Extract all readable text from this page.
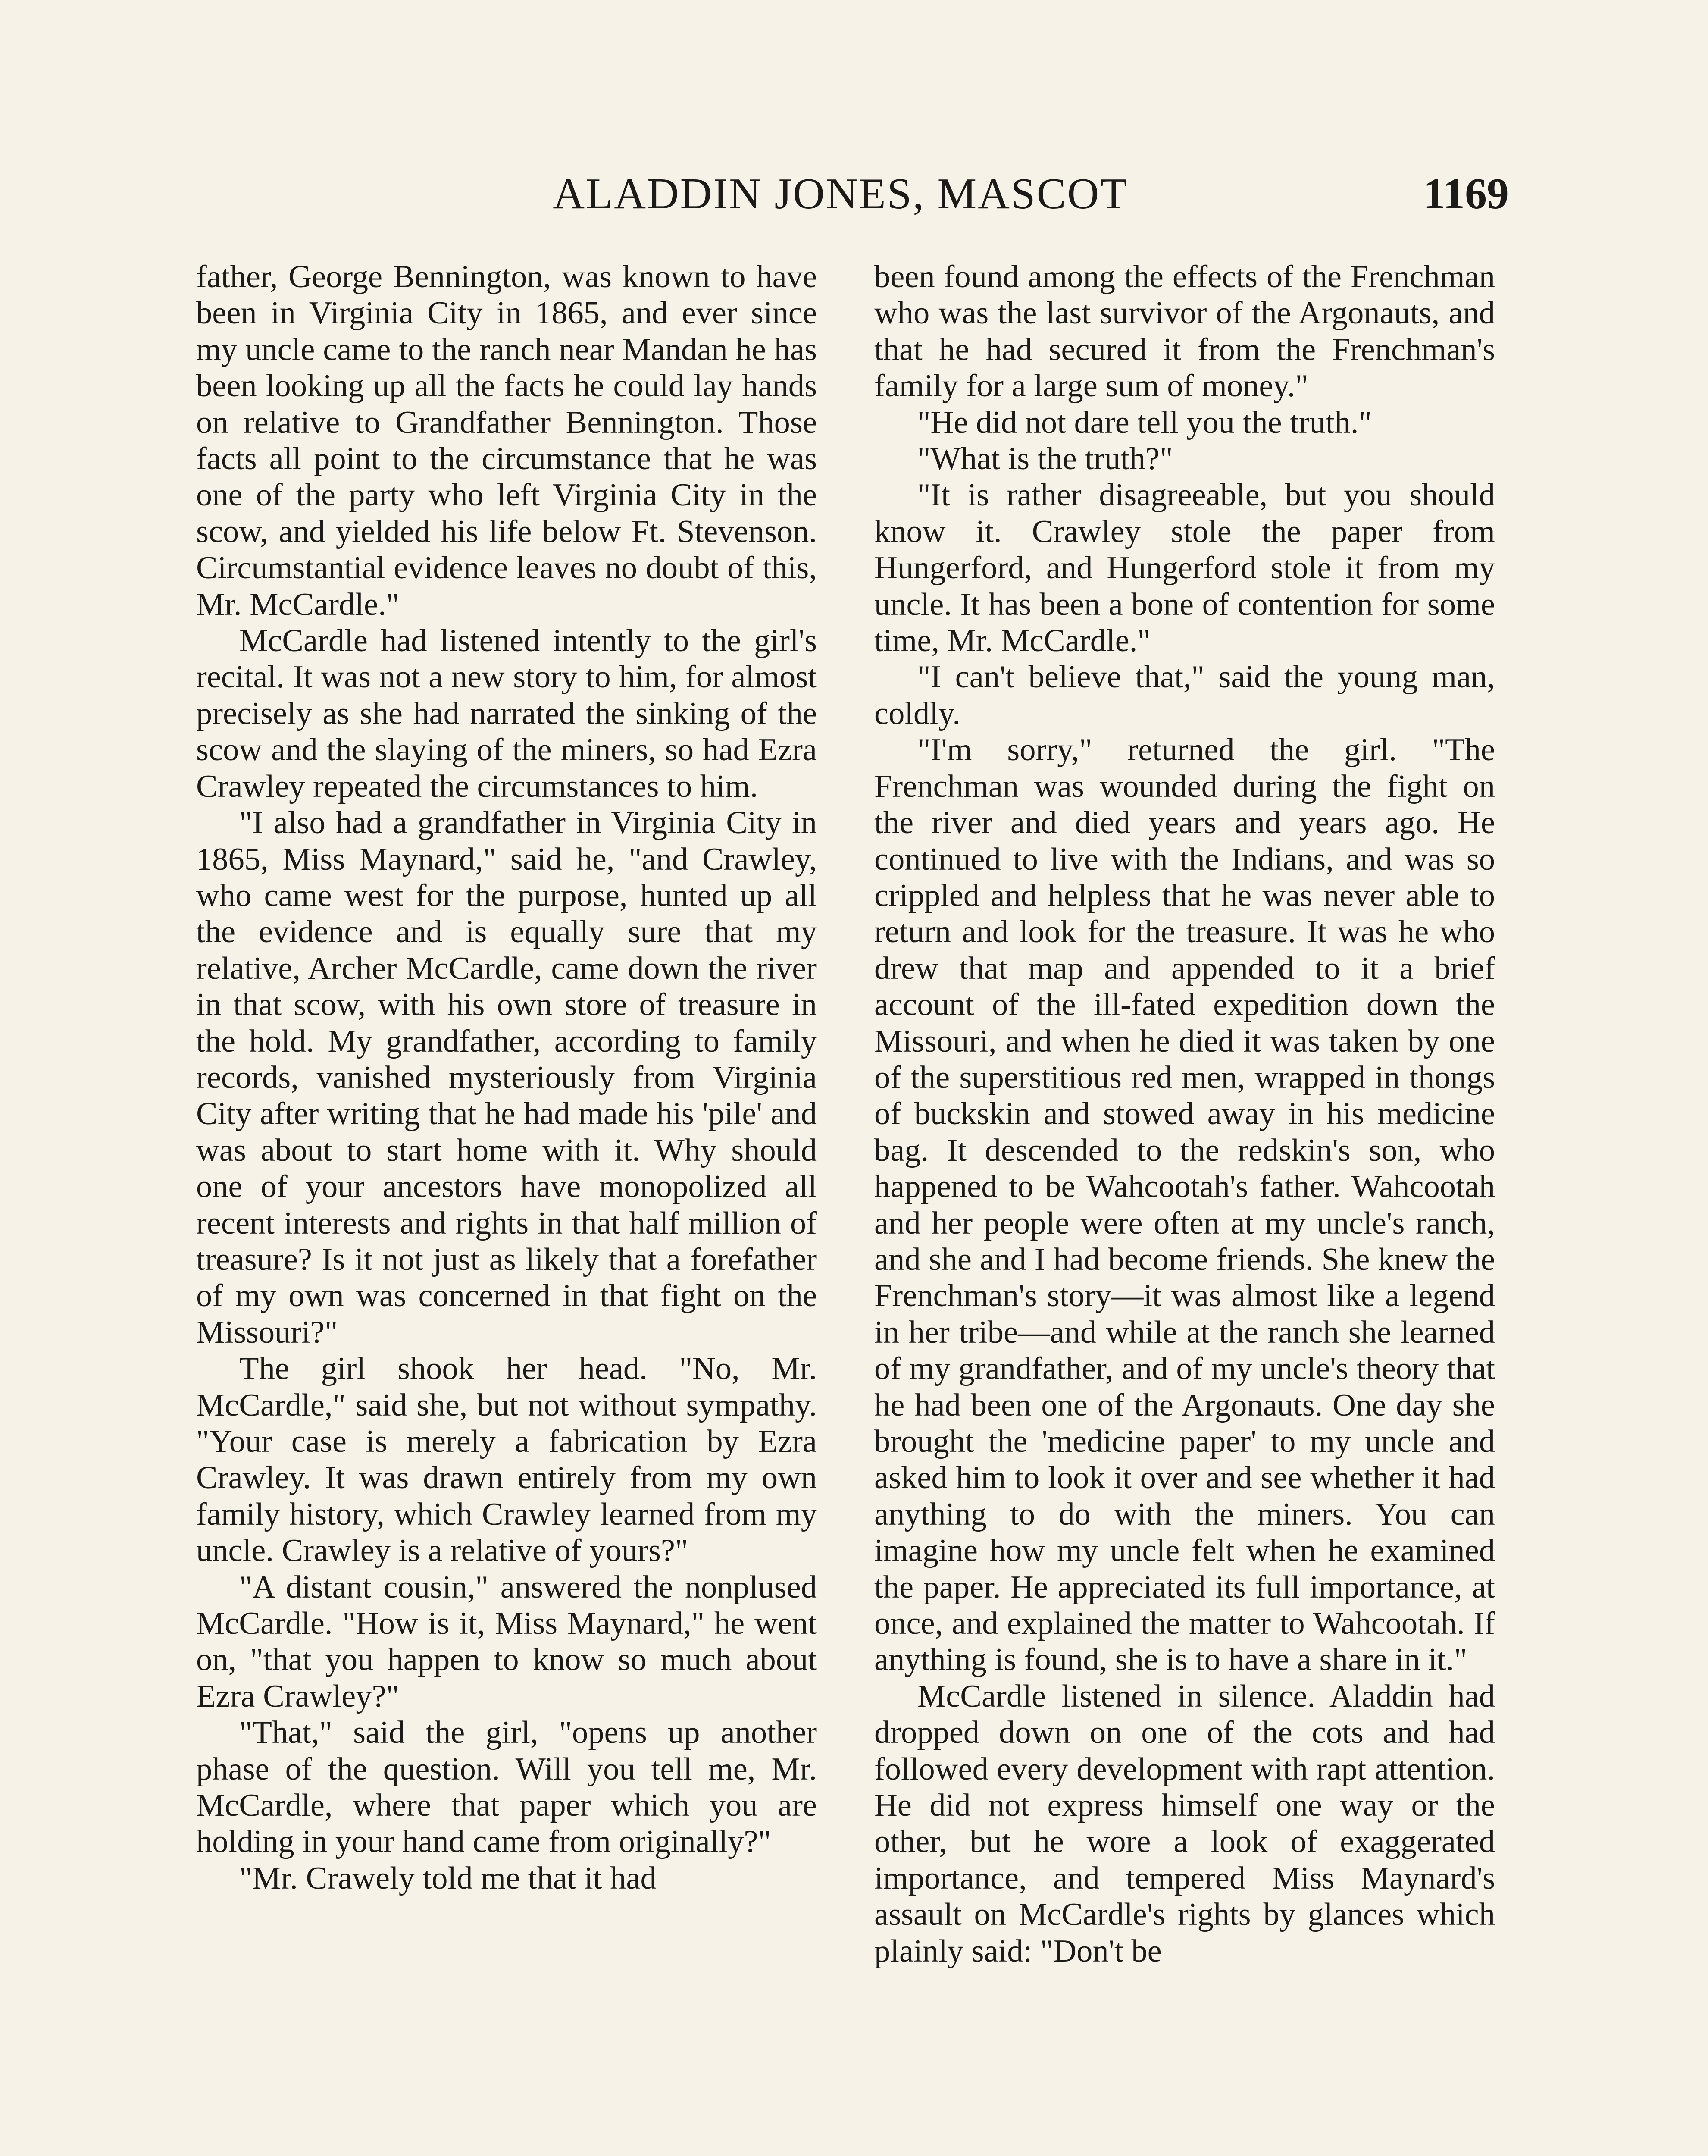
ALADDIN JONES, MASCOT	1169

father, George Bennington, was known to have been in Virginia City in 1865, and ever since my uncle came to the ranch near Mandan he has been looking up all the facts he could lay hands on relative to Grandfather Bennington. Those facts all point to the circumstance that he was one of the party who left Virginia City in the scow, and yielded his life below Ft. Stevenson. Circumstantial evidence leaves no doubt of this, Mr. McCardle."

McCardle had listened intently to the girl's recital. It was not a new story to him, for almost precisely as she had narrated the sinking of the scow and the slaying of the miners, so had Ezra Crawley repeated the circumstances to him.

"I also had a grandfather in Virginia City in 1865, Miss Maynard," said he, "and Crawley, who came west for the purpose, hunted up all the evidence and is equally sure that my relative, Archer McCardle, came down the river in that scow, with his own store of treasure in the hold. My grandfather, according to family records, vanished mysteriously from Virginia City after writing that he had made his 'pile' and was about to start home with it. Why should one of your ancestors have monopolized all recent interests and rights in that half million of treasure? Is it not just as likely that a forefather of my own was concerned in that fight on the Missouri?"

The girl shook her head. "No, Mr. McCardle," said she, but not without sympathy. "Your case is merely a fabrication by Ezra Crawley. It was drawn entirely from my own family history, which Crawley learned from my uncle. Crawley is a relative of yours?"

"A distant cousin," answered the nonplused McCardle. "How is it, Miss Maynard," he went on, "that you happen to know so much about Ezra Crawley?"

"That," said the girl, "opens up another phase of the question. Will you tell me, Mr. McCardle, where that paper which you are holding in your hand came from originally?"

"Mr. Crawely told me that it had

been found among the effects of the Frenchman who was the last survivor of the Argonauts, and that he had secured it from the Frenchman's family for a large sum of money."

"He did not dare tell you the truth."

"What is the truth?"

"It is rather disagreeable, but you should know it. Crawley stole the paper from Hungerford, and Hungerford stole it from my uncle. It has been a bone of contention for some time, Mr. McCardle."

"I can't believe that," said the young man, coldly.

"I'm sorry," returned the girl. "The Frenchman was wounded during the fight on the river and died years and years ago. He continued to live with the Indians, and was so crippled and helpless that he was never able to return and look for the treasure. It was he who drew that map and appended to it a brief account of the ill-fated expedition down the Missouri, and when he died it was taken by one of the superstitious red men, wrapped in thongs of buckskin and stowed away in his medicine bag. It descended to the redskin's son, who happened to be Wahcootah's father. Wahcootah and her people were often at my uncle's ranch, and she and I had become friends. She knew the Frenchman's story—it was almost like a legend in her tribe—and while at the ranch she learned of my grandfather, and of my uncle's theory that he had been one of the Argonauts. One day she brought the 'medicine paper' to my uncle and asked him to look it over and see whether it had anything to do with the miners. You can imagine how my uncle felt when he examined the paper. He appreciated its full importance, at once, and explained the matter to Wahcootah. If anything is found, she is to have a share in it."

McCardle listened in silence. Aladdin had dropped down on one of the cots and had followed every development with rapt attention. He did not express himself one way or the other, but he wore a look of exaggerated importance, and tempered Miss Maynard's assault on McCardle's rights by glances which plainly said: "Don't be
